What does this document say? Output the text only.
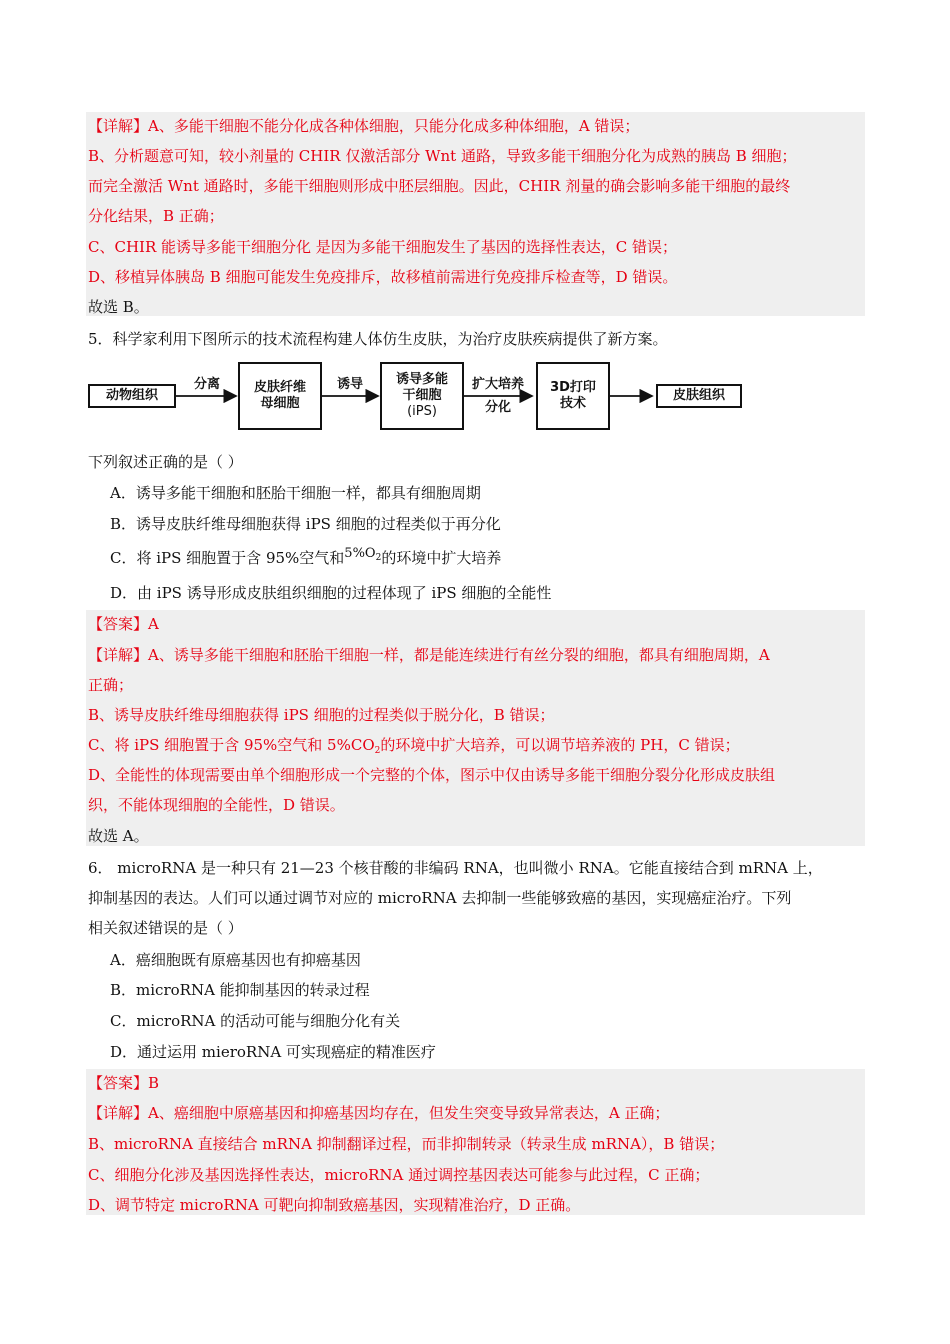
【详解】A、多能干细胞不能分化成各种体细胞，只能分化成多种体细胞，A 错误；
B、分析题意可知，较小剂量的 CHIR 仅激活部分 Wnt 通路，导致多能干细胞分化为成熟的胰岛 B 细胞；
而完全激活 Wnt 通路时，多能干细胞则形成中胚层细胞。因此，CHIR 剂量的确会影响多能干细胞的最终
分化结果，B 正确；
C、CHIR 能诱导多能干细胞分化 是因为多能干细胞发生了基因的选择性表达，C 错误；
D、移植异体胰岛 B 细胞可能发生免疫排斥，故移植前需进行免疫排斥检查等，D 错误。
故选 B。
5．科学家利用下图所示的技术流程构建人体仿生皮肤，为治疗皮肤疾病提供了新方案。
动物组织
分离	皮肤纤维
母细胞
诱导	诱导多能
干细胞
(iPS)
扩大培养
分化
3D打印
技术
皮肤组织
下列叙述正确的是（ ）
A．诱导多能干细胞和胚胎干细胞一样，都具有细胞周期
B．诱导皮肤纤维母细胞获得 iPS 细胞的过程类似于再分化
C．将 iPS 细胞置于含 95%空气和$5\%O_2$的环境中扩大培养
D．由 iPS 诱导形成皮肤组织细胞的过程体现了 iPS 细胞的全能性
【答案】A
【详解】A、诱导多能干细胞和胚胎干细胞一样，都是能连续进行有丝分裂的细胞，都具有细胞周期，A
正确；
B、诱导皮肤纤维母细胞获得 iPS 细胞的过程类似于脱分化，B 错误；
C、将 iPS 细胞置于含 95%空气和 $5\%CO_2$的环境中扩大培养，可以调节培养液的 PH，C 错误；
D、全能性的体现需要由单个细胞形成一个完整的个体，图示中仅由诱导多能干细胞分裂分化形成皮肤组
织，不能体现细胞的全能性，D 错误。
故选 A。
6． microRNA 是一种只有 21—23 个核苷酸的非编码 RNA，也叫微小 RNA。它能直接结合到 mRNA 上，
抑制基因的表达。人们可以通过调节对应的 microRNA 去抑制一些能够致癌的基因，实现癌症治疗。下列
相关叙述错误的是（ ）
A．癌细胞既有原癌基因也有抑癌基因
B．microRNA 能抑制基因的转录过程
C．microRNA 的活动可能与细胞分化有关
D．通过运用 mieroRNA 可实现癌症的精准医疗
【答案】B
【详解】A、癌细胞中原癌基因和抑癌基因均存在，但发生突变导致异常表达，A 正确；
B、microRNA 直接结合 mRNA 抑制翻译过程，而非抑制转录（转录生成 mRNA），B 错误；
C、细胞分化涉及基因选择性表达，microRNA 通过调控基因表达可能参与此过程，C 正确；
D、调节特定 microRNA 可靶向抑制致癌基因，实现精准治疗，D 正确。
